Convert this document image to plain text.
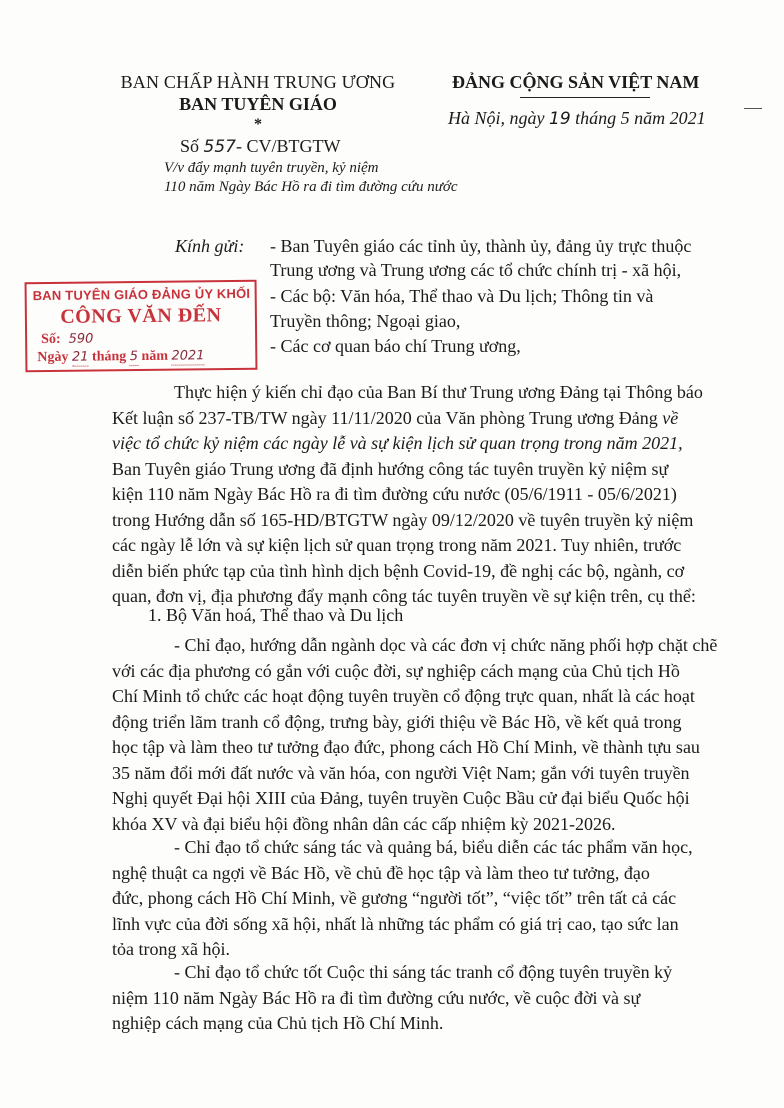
BAN CHẤP HÀNH TRUNG ƯƠNG
BAN TUYÊN GIÁO
*
Số 557- CV/BTGTW
V/v đẩy mạnh tuyên truyền, kỷ niệm
110 năm Ngày Bác Hồ ra đi tìm đường cứu nước
ĐẢNG CỘNG SẢN VIỆT NAM
Hà Nội, ngày 19 tháng 5 năm 2021
Kính gửi: - Ban Tuyên giáo các tỉnh ủy, thành ủy, đảng ủy trực thuộc
Trung ương và Trung ương các tổ chức chính trị - xã hội,
- Các bộ: Văn hóa, Thể thao và Du lịch; Thông tin và
Truyền thông; Ngoại giao,
- Các cơ quan báo chí Trung ương,
BAN TUYÊN GIÁO ĐẢNG ỦY KHỐI
CÔNG VĂN ĐẾN
Số: 590
Ngày 21 tháng 5 năm 2021
Thực hiện ý kiến chỉ đạo của Ban Bí thư Trung ương Đảng tại Thông báo
Kết luận số 237-TB/TW ngày 11/11/2020 của Văn phòng Trung ương Đảng về
việc tổ chức kỷ niệm các ngày lễ và sự kiện lịch sử quan trọng trong năm 2021,
Ban Tuyên giáo Trung ương đã định hướng công tác tuyên truyền kỷ niệm sự
kiện 110 năm Ngày Bác Hồ ra đi tìm đường cứu nước (05/6/1911 - 05/6/2021)
trong Hướng dẫn số 165-HD/BTGTW ngày 09/12/2020 về tuyên truyền kỷ niệm
các ngày lễ lớn và sự kiện lịch sử quan trọng trong năm 2021. Tuy nhiên, trước
diễn biến phức tạp của tình hình dịch bệnh Covid-19, đề nghị các bộ, ngành, cơ
quan, đơn vị, địa phương đẩy mạnh công tác tuyên truyền về sự kiện trên, cụ thể:
1. Bộ Văn hoá, Thể thao và Du lịch
- Chỉ đạo, hướng dẫn ngành dọc và các đơn vị chức năng phối hợp chặt chẽ
với các địa phương có gắn với cuộc đời, sự nghiệp cách mạng của Chủ tịch Hồ
Chí Minh tổ chức các hoạt động tuyên truyền cổ động trực quan, nhất là các hoạt
động triển lãm tranh cổ động, trưng bày, giới thiệu về Bác Hồ, về kết quả trong
học tập và làm theo tư tưởng đạo đức, phong cách Hồ Chí Minh, về thành tựu sau
35 năm đổi mới đất nước và văn hóa, con người Việt Nam; gắn với tuyên truyền
Nghị quyết Đại hội XIII của Đảng, tuyên truyền Cuộc Bầu cử đại biểu Quốc hội
khóa XV và đại biểu hội đồng nhân dân các cấp nhiệm kỳ 2021-2026.
- Chỉ đạo tổ chức sáng tác và quảng bá, biểu diễn các tác phẩm văn học,
nghệ thuật ca ngợi về Bác Hồ, về chủ đề học tập và làm theo tư tưởng, đạo
đức, phong cách Hồ Chí Minh, về gương “người tốt”, “việc tốt” trên tất cả các
lĩnh vực của đời sống xã hội, nhất là những tác phẩm có giá trị cao, tạo sức lan
tỏa trong xã hội.
- Chỉ đạo tổ chức tốt Cuộc thi sáng tác tranh cổ động tuyên truyền kỷ
niệm 110 năm Ngày Bác Hồ ra đi tìm đường cứu nước, về cuộc đời và sự
nghiệp cách mạng của Chủ tịch Hồ Chí Minh.
